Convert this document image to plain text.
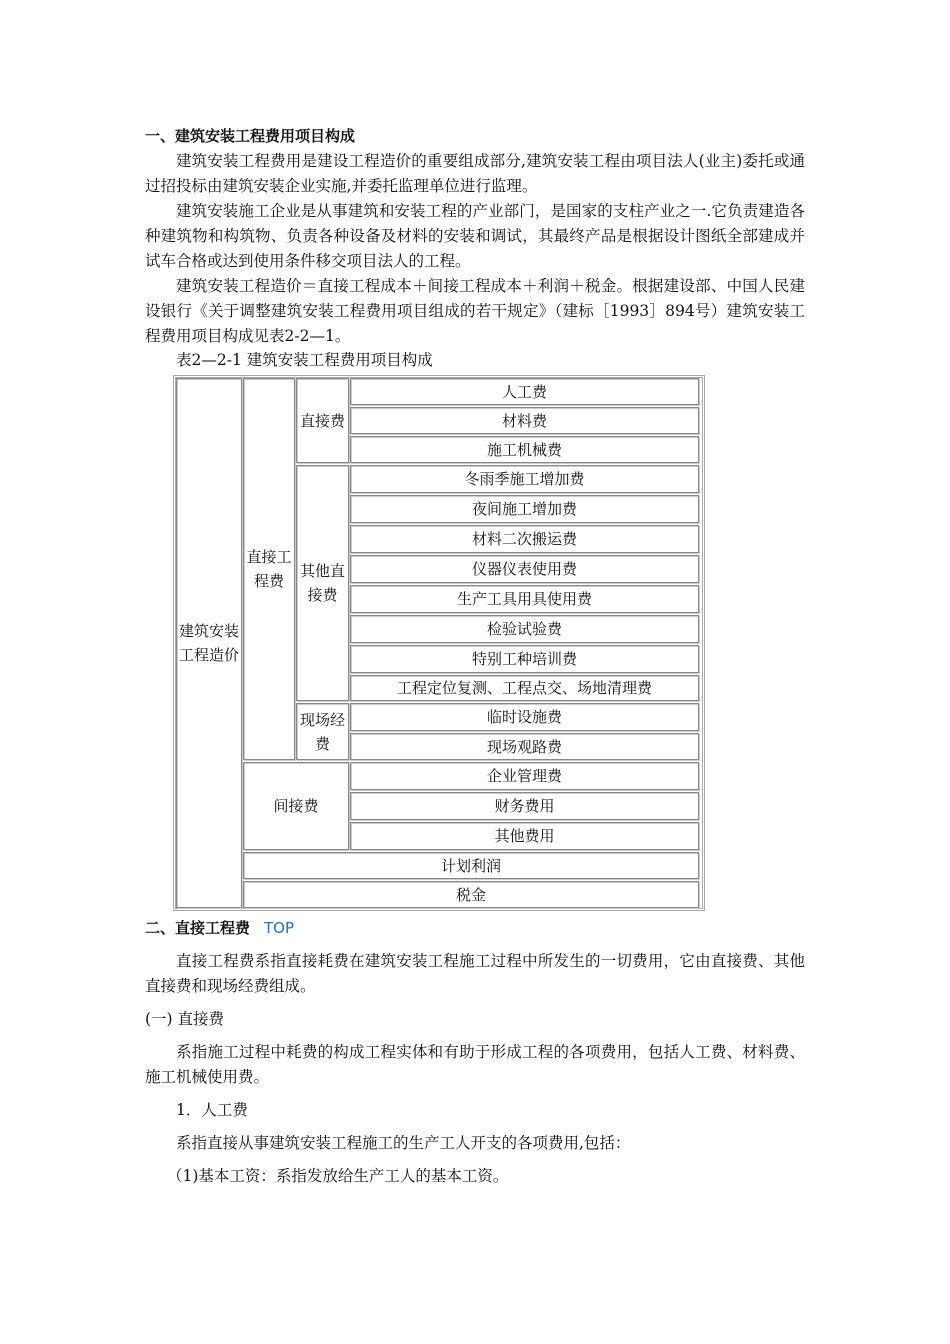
一、建筑安装工程费用项目构成

建筑安装工程费用是建设工程造价的重要组成部分,建筑安装工程由项目法人(业主)委托或通过招投标由建筑安装企业实施,并委托监理单位进行监理。

建筑安装施工企业是从事建筑和安装工程的产业部门，是国家的支柱产业之一.它负责建造各种建筑物和构筑物、负责各种设备及材料的安装和调试，其最终产品是根据设计图纸全部建成并试车合格或达到使用条件移交项目法人的工程。

建筑安装工程造价＝直接工程成本＋间接工程成本＋利润＋税金。根据建设部、中国人民建设银行《关于调整建筑安装工程费用项目组成的若干规定》（建标［1993］894号）建筑安装工程费用项目构成见表2-2—1。

表2—2-1 建筑安装工程费用项目构成

建筑安装工程造价
直接工程费
直接费
其他直接费
现场经费
间接费
人工费
材料费
施工机械费
冬雨季施工增加费
夜间施工增加费
材料二次搬运费
仪器仪表使用费
生产工具用具使用费
检验试验费
特别工种培训费
工程定位复测、工程点交、场地清理费
临时设施费
现场观路费
企业管理费
财务费用
其他费用
计划利润
税金
二、直接工程费 TOP

直接工程费系指直接耗费在建筑安装工程施工过程中所发生的一切费用，它由直接费、其他直接费和现场经费组成。

(一) 直接费

系指施工过程中耗费的构成工程实体和有助于形成工程的各项费用，包括人工费、材料费、施工机械使用费。

1．人工费

系指直接从事建筑安装工程施工的生产工人开支的各项费用,包括：

（1)基本工资：系指发放给生产工人的基本工资。
